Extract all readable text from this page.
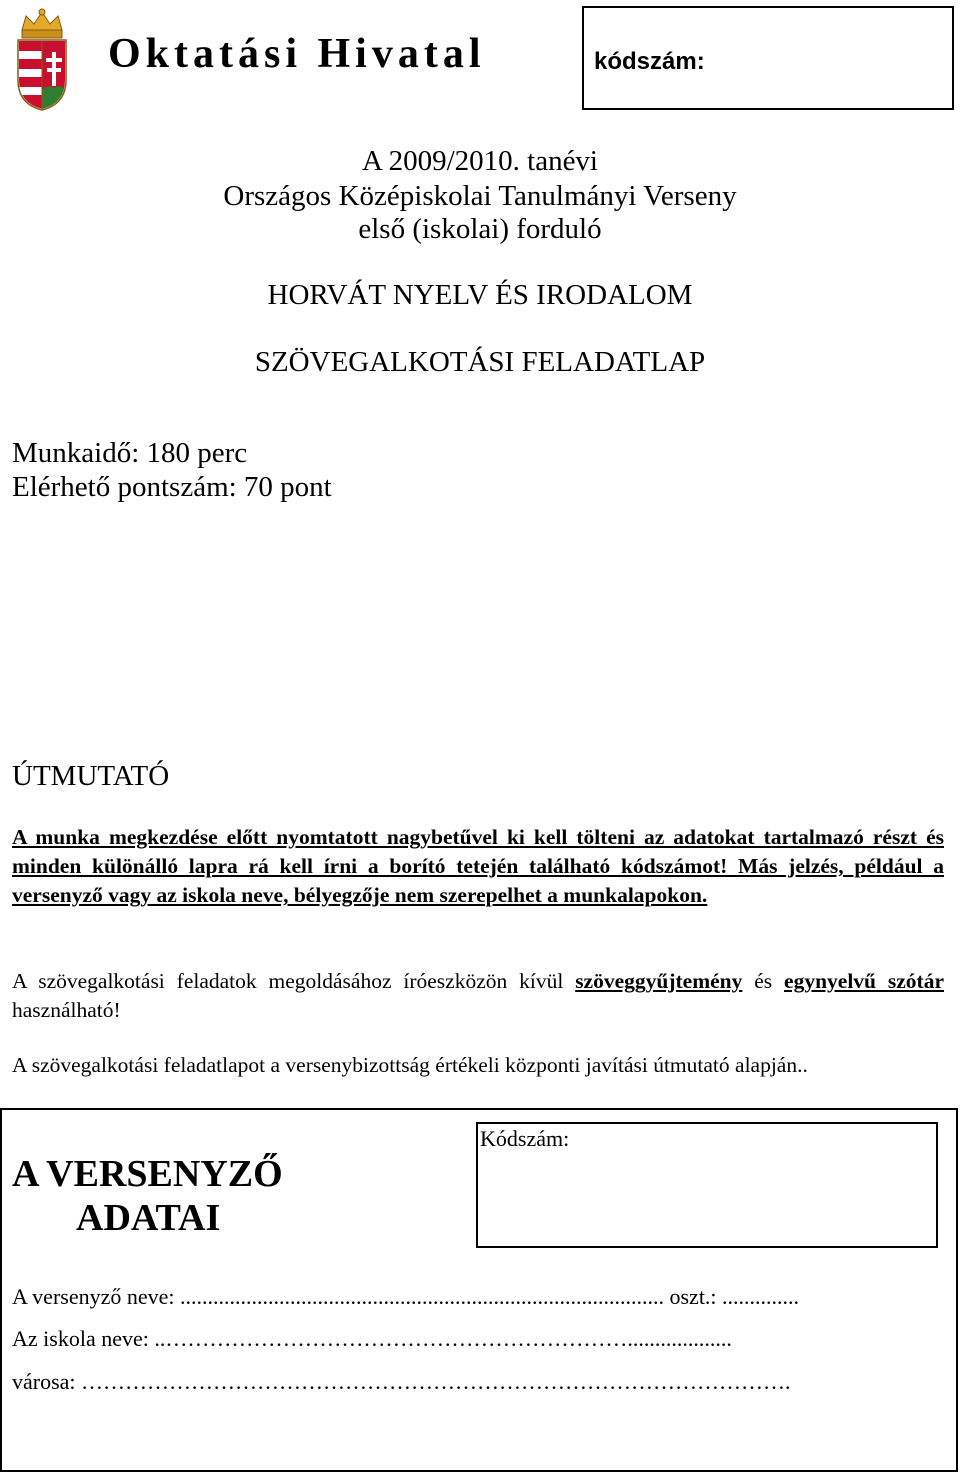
Oktatási Hivatal	kódszám:
A 2009/2010. tanévi
Országos Középiskolai Tanulmányi Verseny
első (iskolai) forduló
HORVÁT NYELV ÉS IRODALOM
SZÖVEGALKOTÁSI FELADATLAP
Munkaidő: 180 perc
Elérhető pontszám: 70 pont
ÚTMUTATÓ
A munka megkezdése előtt nyomtatott nagybetűvel ki kell tölteni az adatokat tartalmazó részt és minden különálló lapra rá kell írni a borító tetején található kódszámot! Más jelzés, például a versenyző vagy az iskola neve, bélyegzője nem szerepelhet a munkalapokon.
A szövegalkotási feladatok megoldásához íróeszközön kívül szöveggyűjtemény és egynyelvű szótár használható!
A szövegalkotási feladatlapot a versenybizottság értékeli központi javítási útmutató alapján..
A VERSENYZŐ
ADATAI
Kódszám:
A versenyző neve: ........................................................................................ oszt.: ..............
Az iskola neve: ..………………………………………………………...................
városa: …………………………………………………………………………………….
